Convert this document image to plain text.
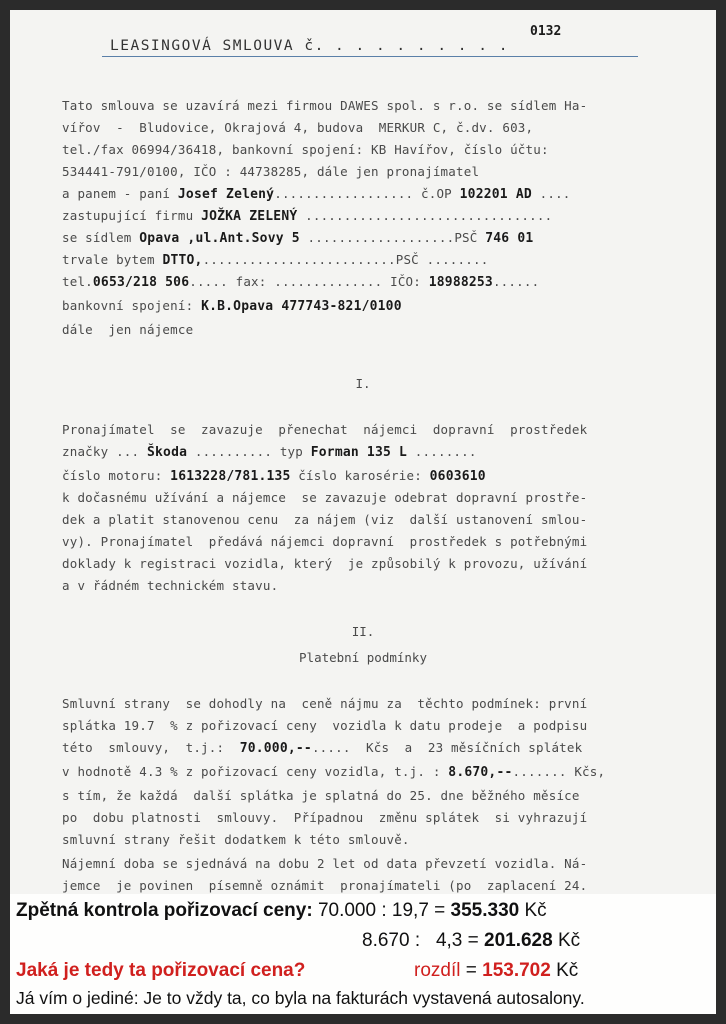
0132
LEASINGOVÁ SMLOUVA č. . . . . . . . . .
Tato smlouva se uzavírá mezi firmou DAWES spol. s r.o. se sídlem Ha-
vířov  -  Bludovice, Okrajová 4, budova  MERKUR C, č.dv. 603,
tel./fax 06994/36418, bankovní spojení: KB Havířov, číslo účtu:
534441-791/0100, IČO : 44738285, dále jen pronajímatel
a panem - paní Josef Zelený.................. č.OP 102201 AD ....
zastupující firmu JOŽKA ZELENÝ ................................
se sídlem Opava ,ul.Ant.Sovy 5 ...................PSČ 746 01
trvale bytem DTTO,.........................PSČ ........
tel.0653/218 506..... fax: .............. IČO: 18988253......
bankovní spojení: K.B.Opava 477743-821/0100
dále  jen nájemce
I.
Pronajímatel  se  zavazuje  přenechat  nájemci  dopravní  prostředek
značky ... Škoda .......... typ Forman 135 L ........
číslo motoru: 1613228/781.135 číslo karosérie: 0603610
k dočasnému užívání a nájemce  se zavazuje odebrat dopravní prostře-
dek a platit stanovenou cenu  za nájem (viz  další ustanovení smlou-
vy). Pronajímatel  předává nájemci dopravní  prostředek s potřebnými
doklady k registraci vozidla, který  je způsobilý k provozu, užívání
a v řádném technickém stavu.
II.
Platební podmínky
Smluvní strany  se dohodly na  ceně nájmu za  těchto podmínek: první
splátka 19.7  % z pořizovací ceny  vozidla k datu prodeje  a podpisu
této  smlouvy,  t.j.:  70.000,--.....  Kčs  a  23 měsíčních splátek
v hodnotě 4.3 % z pořizovací ceny vozidla, t.j. : 8.670,--....... Kčs,
s tím, že každá  další splátka je splatná do 25. dne běžného měsíce
po  dobu platnosti  smlouvy.  Případnou  změnu splátek  si vyhrazují
smluvní strany řešit dodatkem k této smlouvě.
Nájemní doba se sjednává na dobu 2 let od data převzetí vozidla. Ná-
jemce  je povinen  písemně oznámit  pronajímateli (po  zaplacení 24.
Zpětná kontrola pořizovací ceny: 70.000 : 19,7 = 355.330 Kč
8.670 :   4,3 = 201.628 Kč
Jaká je tedy ta pořizovací cena?	rozdíl = 153.702 Kč
Já vím o jediné: Je to vždy ta, co byla na fakturách vystavená autosalony.
